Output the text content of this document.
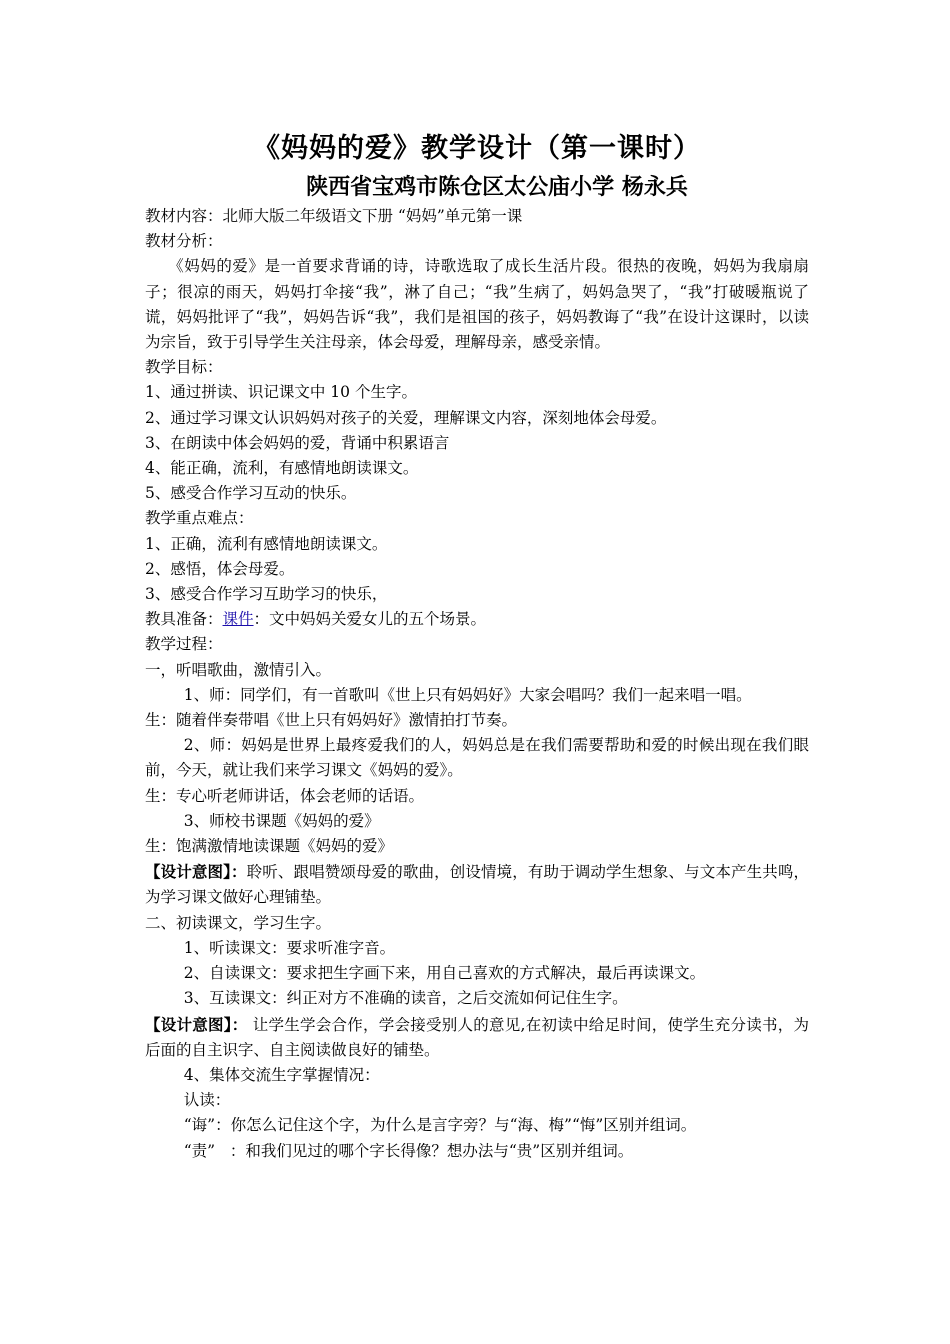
《妈妈的爱》教学设计（第一课时）

陕西省宝鸡市陈仓区太公庙小学 杨永兵

教材内容：北师大版二年级语文下册 “妈妈”单元第一课

教材分析：

《妈妈的爱》是一首要求背诵的诗，诗歌选取了成长生活片段。很热的夜晚，妈妈为我扇扇子；很凉的雨天，妈妈打伞接“我”，淋了自己；“我”生病了，妈妈急哭了，“我”打破暖瓶说了谎，妈妈批评了“我”，妈妈告诉“我”，我们是祖国的孩子，妈妈教诲了“我”在设计这课时，以读为宗旨，致于引导学生关注母亲，体会母爱，理解母亲，感受亲情。

教学目标：

1、通过拼读、识记课文中 10 个生字。

2、通过学习课文认识妈妈对孩子的关爱，理解课文内容，深刻地体会母爱。

3、在朗读中体会妈妈的爱，背诵中积累语言

4、能正确，流利，有感情地朗读课文。

5、感受合作学习互动的快乐。

教学重点难点：

1、正确，流利有感情地朗读课文。

2、感悟，体会母爱。

3、感受合作学习互助学习的快乐，

教具准备：课件：文中妈妈关爱女儿的五个场景。

教学过程：

一，听唱歌曲，激情引入。

1、师：同学们，有一首歌叫《世上只有妈妈好》大家会唱吗？我们一起来唱一唱。

生：随着伴奏带唱《世上只有妈妈好》激情拍打节奏。

2、师：妈妈是世界上最疼爱我们的人，妈妈总是在我们需要帮助和爱的时候出现在我们眼前，今天，就让我们来学习课文《妈妈的爱》。

生：专心听老师讲话，体会老师的话语。

3、师校书课题《妈妈的爱》

生：饱满激情地读课题《妈妈的爱》

【设计意图】：聆听、跟唱赞颂母爱的歌曲，创设情境，有助于调动学生想象、与文本产生共鸣，为学习课文做好心理铺垫。

二、初读课文，学习生字。

1、听读课文：要求听准字音。

2、自读课文：要求把生字画下来，用自己喜欢的方式解决，最后再读课文。

3、互读课文：纠正对方不准确的读音，之后交流如何记住生字。

【设计意图】： 让学生学会合作，学会接受别人的意见,在初读中给足时间，使学生充分读书，为后面的自主识字、自主阅读做良好的铺垫。

4、集体交流生字掌握情况：

认读：

“诲”：你怎么记住这个字，为什么是言字旁？与“海、梅”“悔”区别并组词。

“责”   ：和我们见过的哪个字长得像？想办法与“贵”区别并组词。
